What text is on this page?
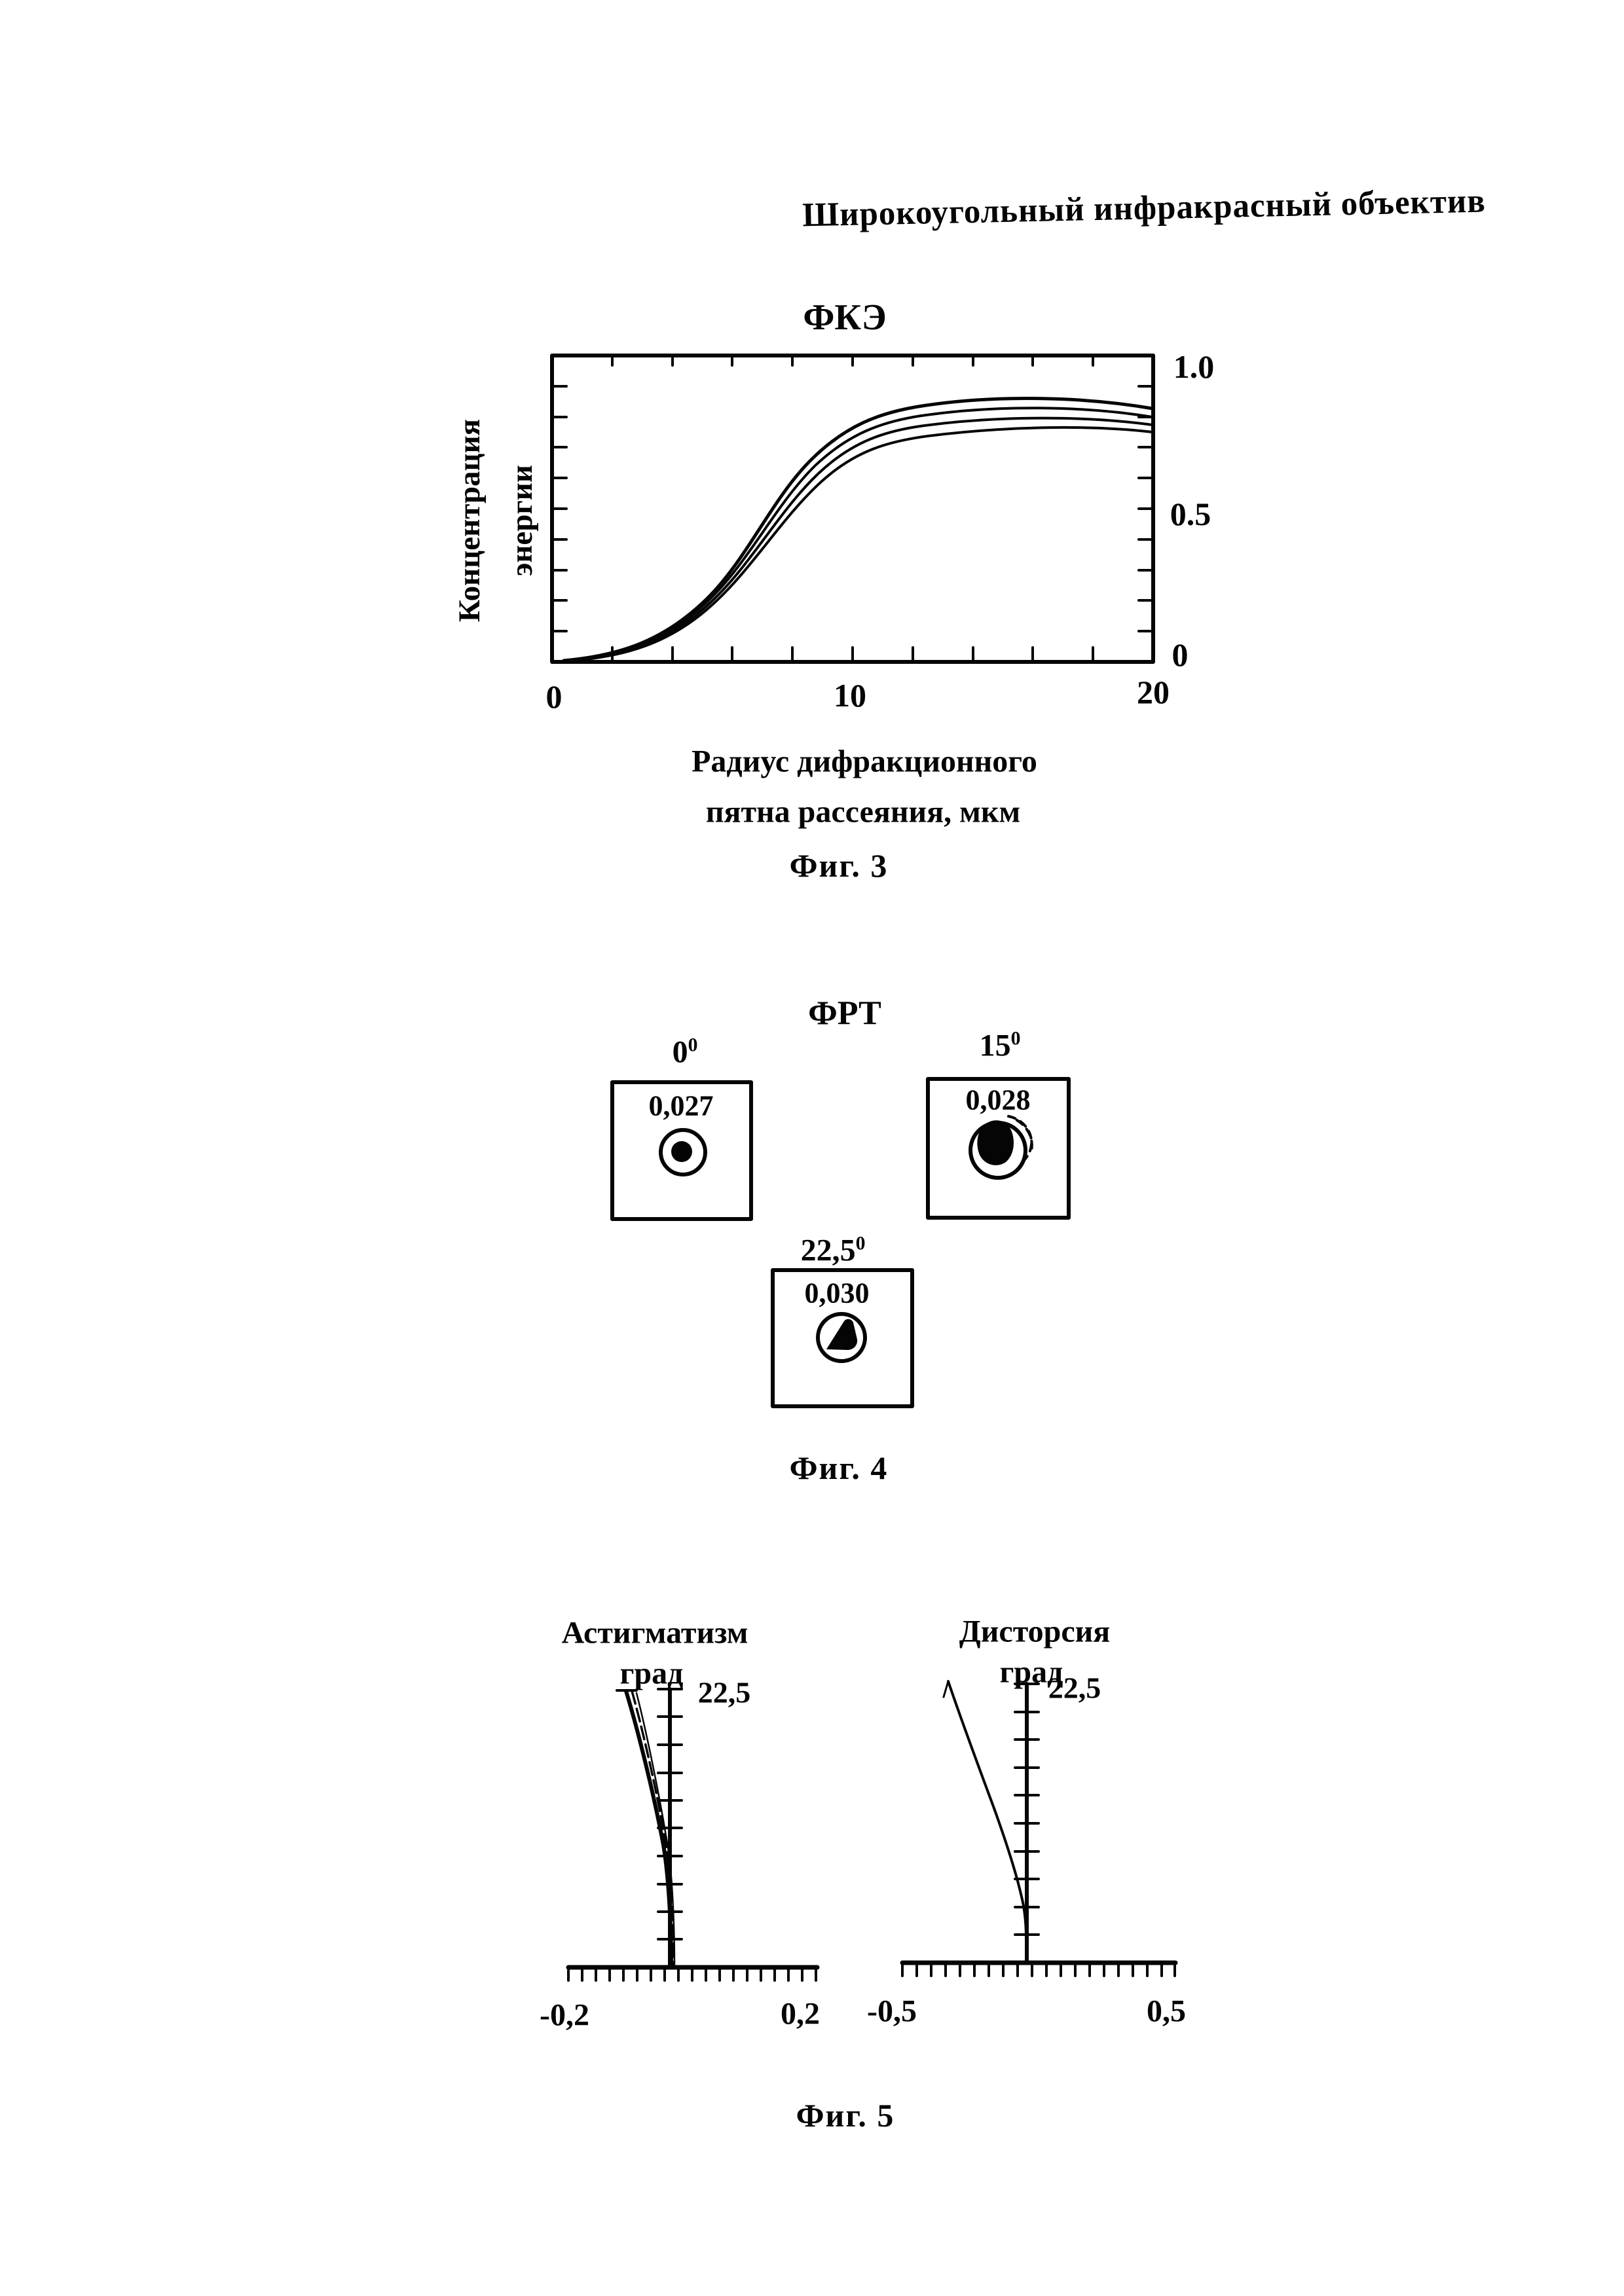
Широкоугольный инфракрасный объектив
ФКЭ
Концентрация энергии
1.0
0.5
0
0	10	20
Радиус дифракционного
пятна рассеяния, мкм
Фиг. 3
ФРТ
$0^0$	$15^0$
22,5$^0$
0,027	0,028
0,030
Фиг. 4
Астигматизм
град
22,5
-0,2	0,2
Дисторсия
град
22,5
-0,5	0,5
Фиг. 5
